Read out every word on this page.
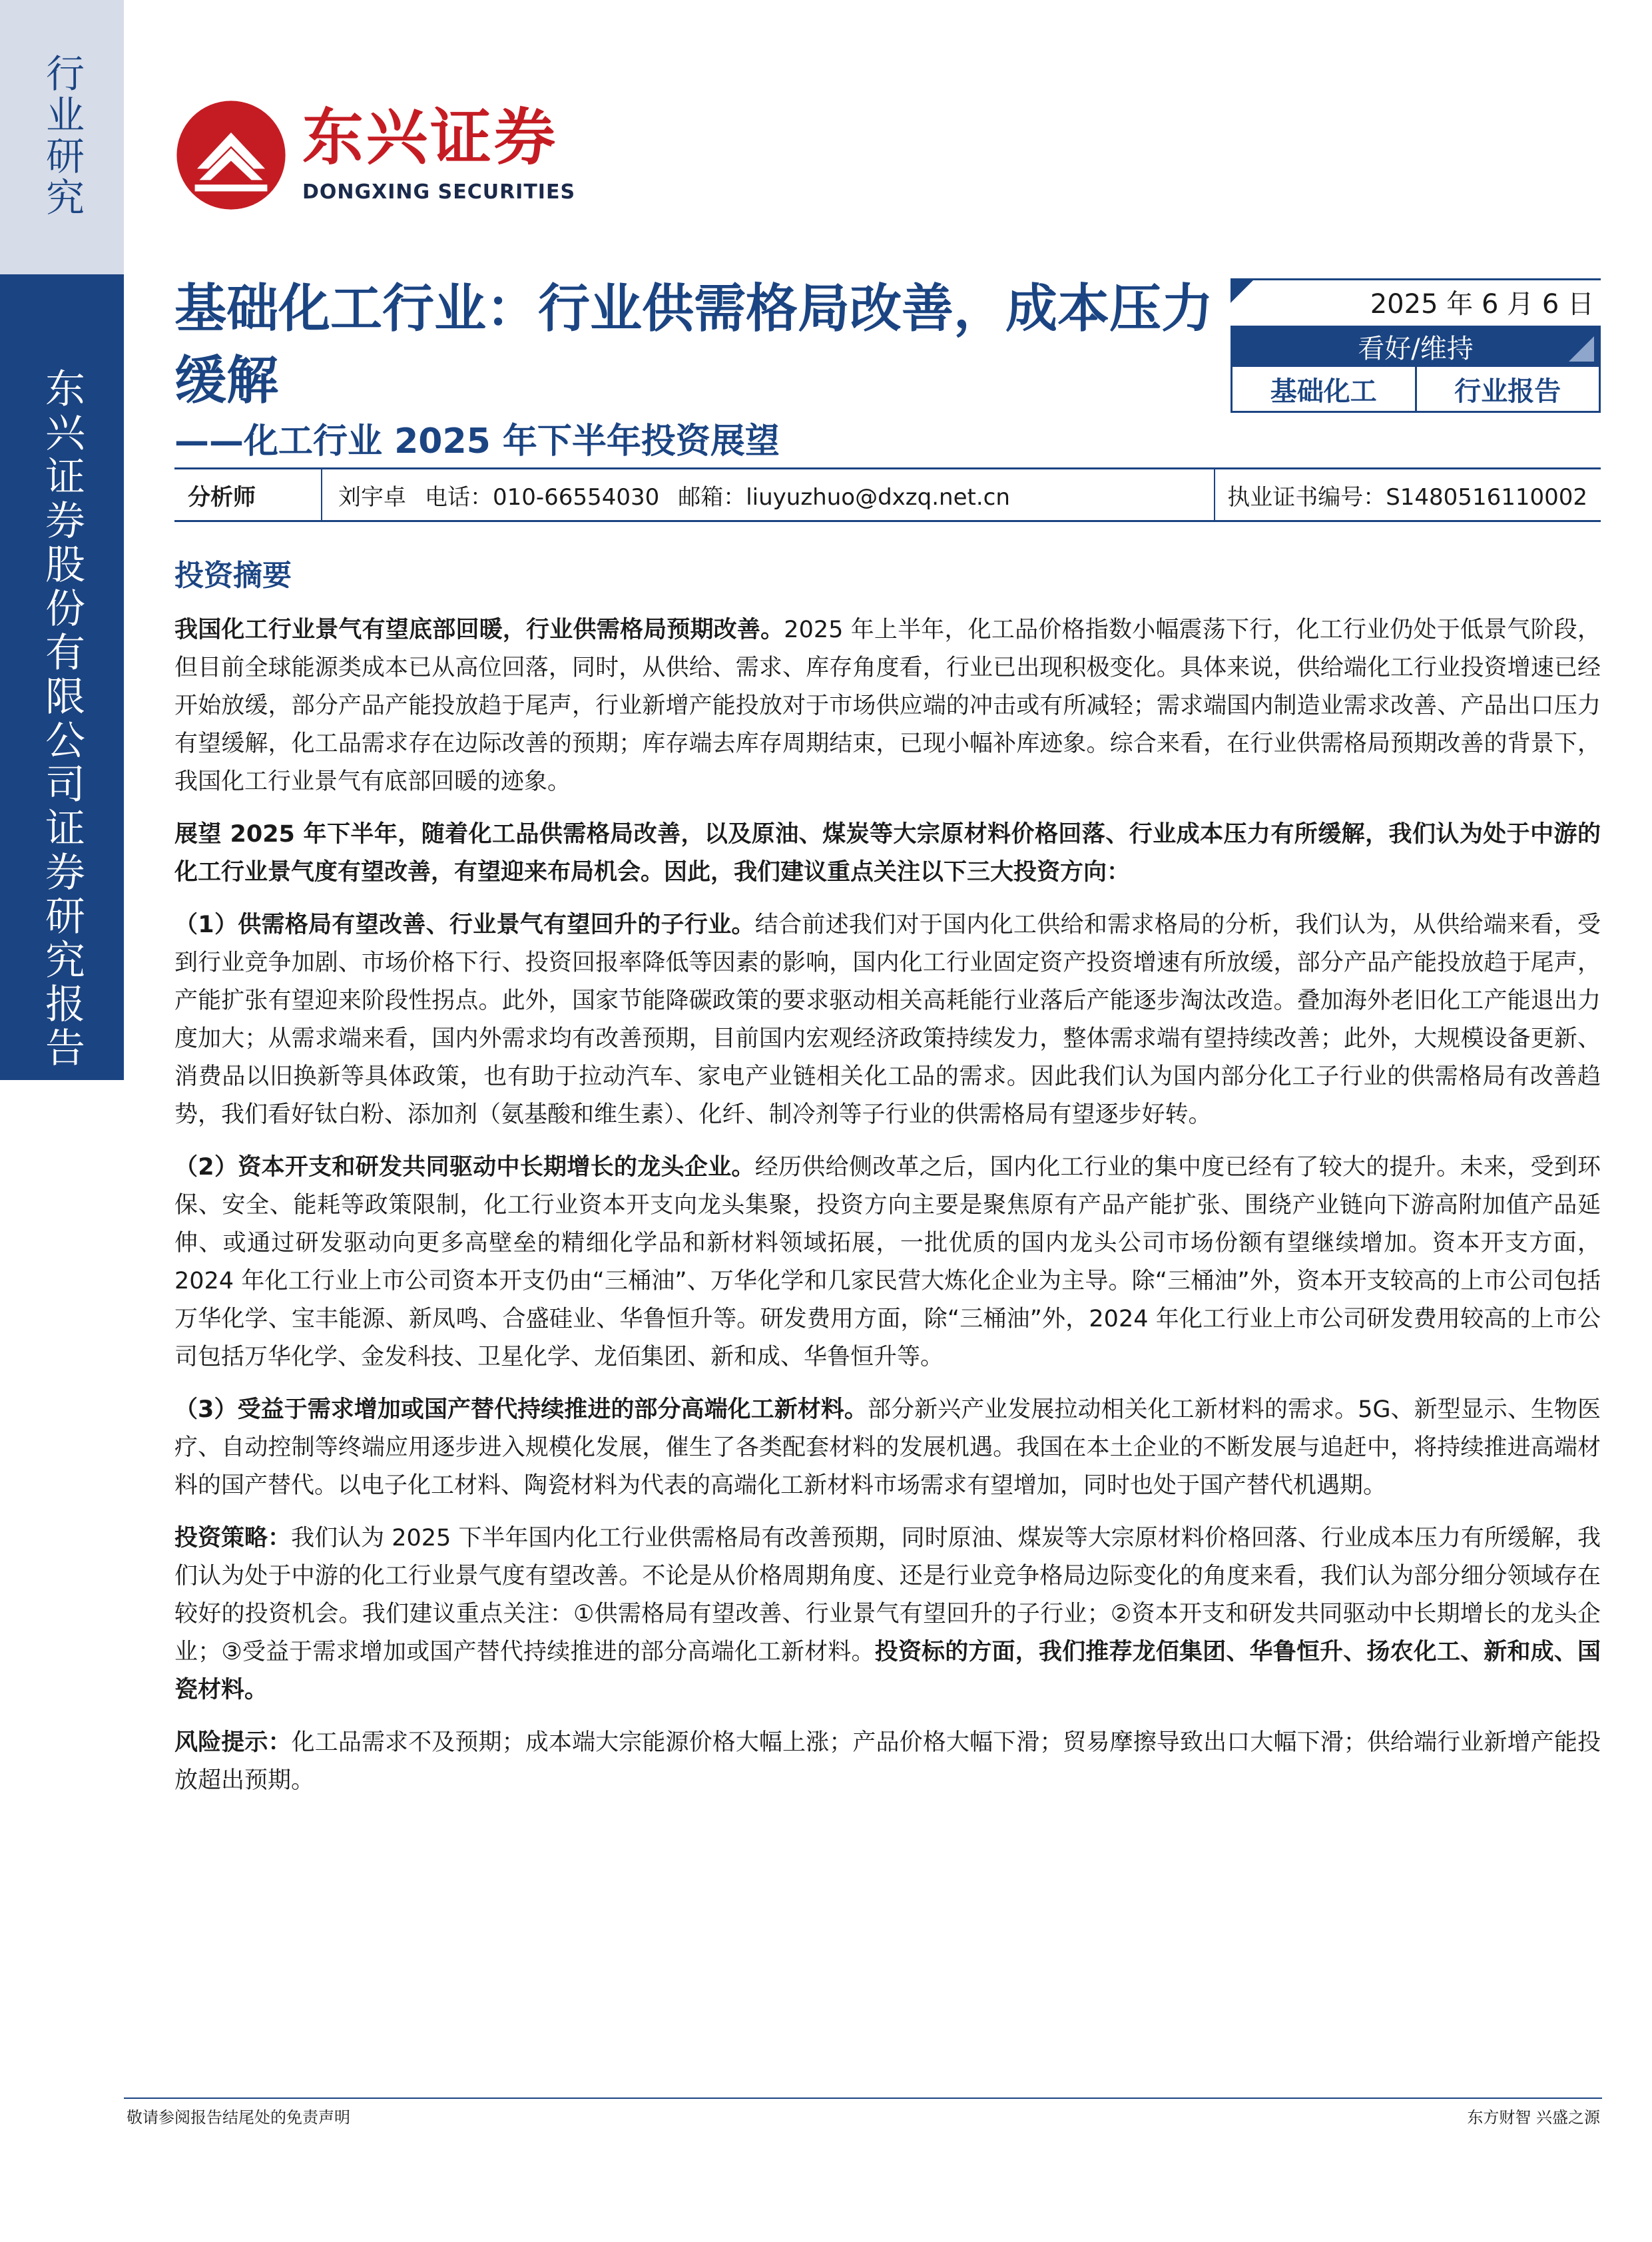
行业研究
东兴证券股份有限公司证券研究报告
东兴证券
DONGXING SECURITIES
基础化工行业：行业供需格局改善，成本压力缓解
——化工行业 2025 年下半年投资展望
2025 年 6 月 6 日
看好/维持
基础化工	行业报告
分析师	刘宇卓 电话：010-66554030 邮箱：liuyuzhuo@dxzq.net.cn	执业证书编号：S1480516110002
投资摘要

我国化工行业景气有望底部回暖，行业供需格局预期改善。2025 年上半年，化工品价格指数小幅震荡下行，化工行业仍处于低景气阶段，但目前全球能源类成本已从高位回落，同时，从供给、需求、库存角度看，行业已出现积极变化。具体来说，供给端化工行业投资增速已经开始放缓，部分产品产能投放趋于尾声，行业新增产能投放对于市场供应端的冲击或有所减轻；需求端国内制造业需求改善、产品出口压力有望缓解，化工品需求存在边际改善的预期；库存端去库存周期结束，已现小幅补库迹象。综合来看，在行业供需格局预期改善的背景下，我国化工行业景气有底部回暖的迹象。

展望 2025 年下半年，随着化工品供需格局改善，以及原油、煤炭等大宗原材料价格回落、行业成本压力有所缓解，我们认为处于中游的化工行业景气度有望改善，有望迎来布局机会。因此，我们建议重点关注以下三大投资方向：

（1）供需格局有望改善、行业景气有望回升的子行业。结合前述我们对于国内化工供给和需求格局的分析，我们认为，从供给端来看，受到行业竞争加剧、市场价格下行、投资回报率降低等因素的影响，国内化工行业固定资产投资增速有所放缓，部分产品产能投放趋于尾声，产能扩张有望迎来阶段性拐点。此外，国家节能降碳政策的要求驱动相关高耗能行业落后产能逐步淘汰改造。叠加海外老旧化工产能退出力度加大；从需求端来看，国内外需求均有改善预期，目前国内宏观经济政策持续发力，整体需求端有望持续改善；此外，大规模设备更新、消费品以旧换新等具体政策，也有助于拉动汽车、家电产业链相关化工品的需求。因此我们认为国内部分化工子行业的供需格局有改善趋势，我们看好钛白粉、添加剂（氨基酸和维生素）、化纤、制冷剂等子行业的供需格局有望逐步好转。

（2）资本开支和研发共同驱动中长期增长的龙头企业。经历供给侧改革之后，国内化工行业的集中度已经有了较大的提升。未来，受到环保、安全、能耗等政策限制，化工行业资本开支向龙头集聚，投资方向主要是聚焦原有产品产能扩张、围绕产业链向下游高附加值产品延伸、或通过研发驱动向更多高壁垒的精细化学品和新材料领域拓展，一批优质的国内龙头公司市场份额有望继续增加。资本开支方面，2024 年化工行业上市公司资本开支仍由“三桶油”、万华化学和几家民营大炼化企业为主导。除“三桶油”外，资本开支较高的上市公司包括万华化学、宝丰能源、新凤鸣、合盛硅业、华鲁恒升等。研发费用方面，除“三桶油”外，2024 年化工行业上市公司研发费用较高的上市公司包括万华化学、金发科技、卫星化学、龙佰集团、新和成、华鲁恒升等。

（3）受益于需求增加或国产替代持续推进的部分高端化工新材料。部分新兴产业发展拉动相关化工新材料的需求。5G、新型显示、生物医疗、自动控制等终端应用逐步进入规模化发展，催生了各类配套材料的发展机遇。我国在本土企业的不断发展与追赶中，将持续推进高端材料的国产替代。以电子化工材料、陶瓷材料为代表的高端化工新材料市场需求有望增加，同时也处于国产替代机遇期。

投资策略：我们认为 2025 下半年国内化工行业供需格局有改善预期，同时原油、煤炭等大宗原材料价格回落、行业成本压力有所缓解，我们认为处于中游的化工行业景气度有望改善。不论是从价格周期角度、还是行业竞争格局边际变化的角度来看，我们认为部分细分领域存在较好的投资机会。我们建议重点关注：①供需格局有望改善、行业景气有望回升的子行业；②资本开支和研发共同驱动中长期增长的龙头企业；③受益于需求增加或国产替代持续推进的部分高端化工新材料。投资标的方面，我们推荐龙佰集团、华鲁恒升、扬农化工、新和成、国瓷材料。

风险提示：化工品需求不及预期；成本端大宗能源价格大幅上涨；产品价格大幅下滑；贸易摩擦导致出口大幅下滑；供给端行业新增产能投放超出预期。

敬请参阅报告结尾处的免责声明	东方财智 兴盛之源
